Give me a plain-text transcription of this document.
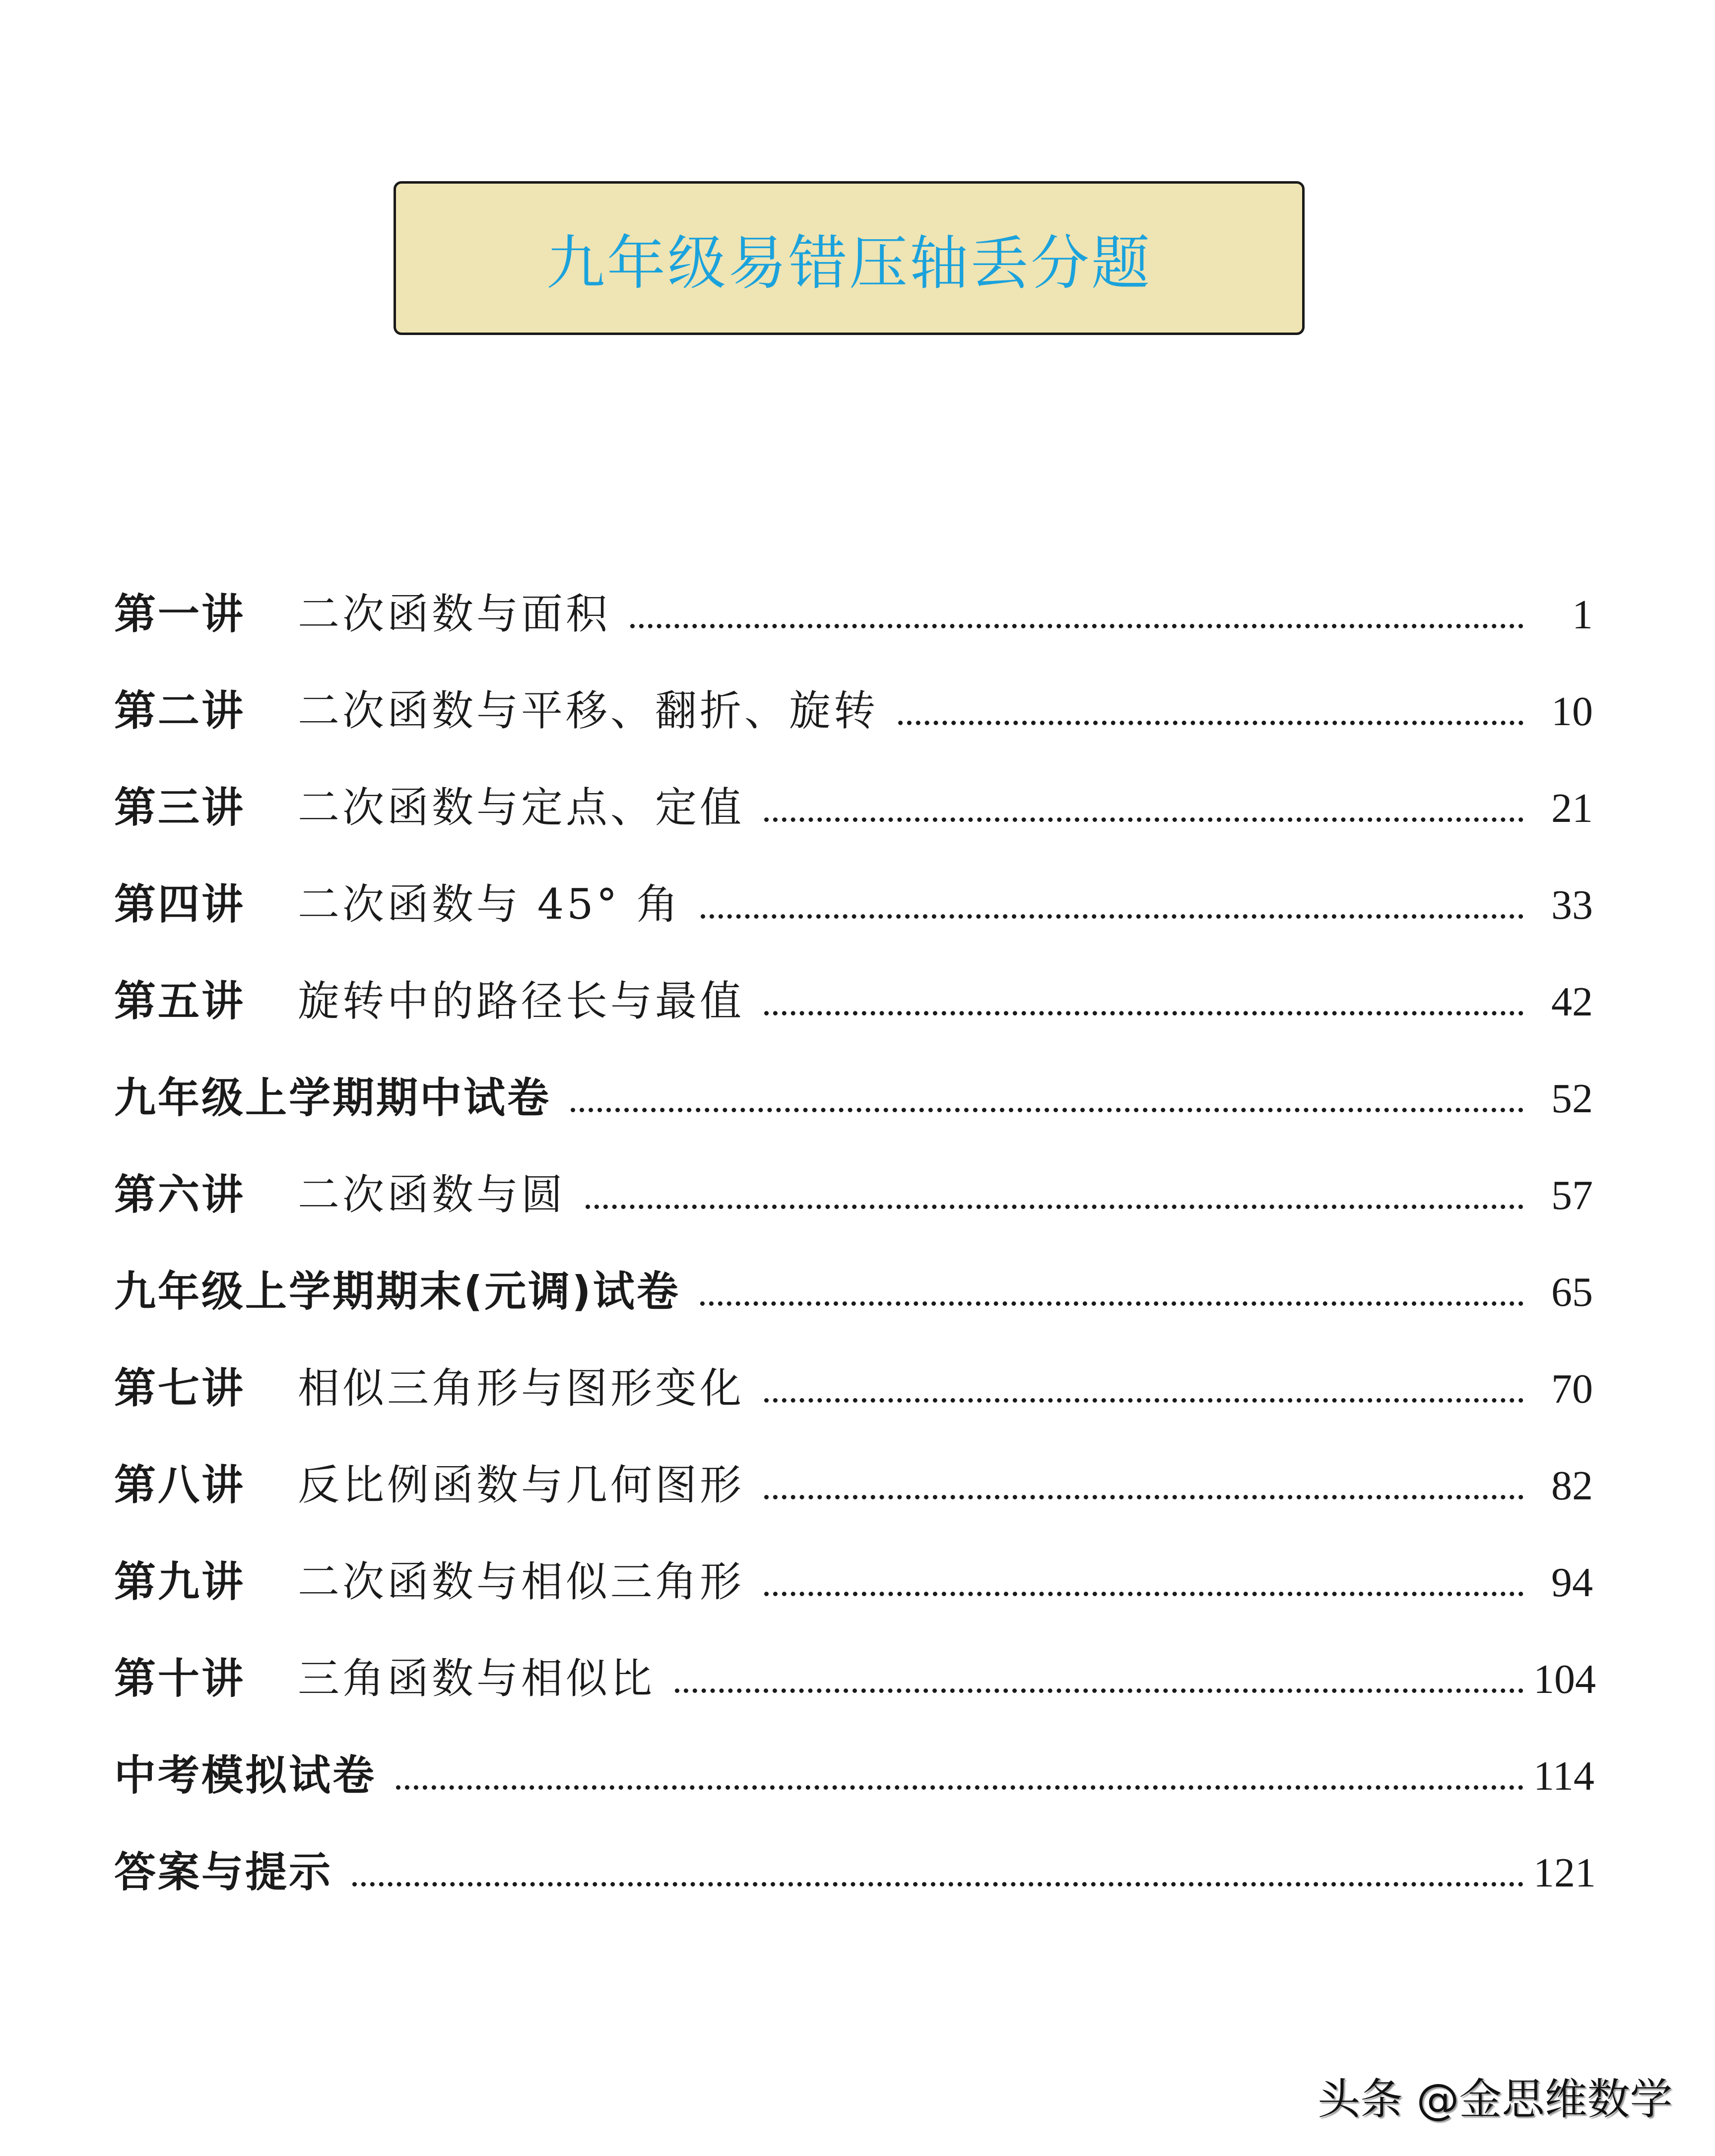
九年级易错压轴丢分题
第一讲	二次函数与面积	1
第二讲	二次函数与平移、翻折、旋转	10
第三讲	二次函数与定点、定值	21
第四讲	二次函数与 45° 角	33
第五讲	旋转中的路径长与最值	42
九年级上学期期中试卷	52
第六讲	二次函数与圆	57
九年级上学期期末(元调)试卷	65
第七讲	相似三角形与图形变化	70
第八讲	反比例函数与几何图形	82
第九讲	二次函数与相似三角形	94
第十讲	三角函数与相似比	104
中考模拟试卷	114
答案与提示	121
头条 @金思维数学
